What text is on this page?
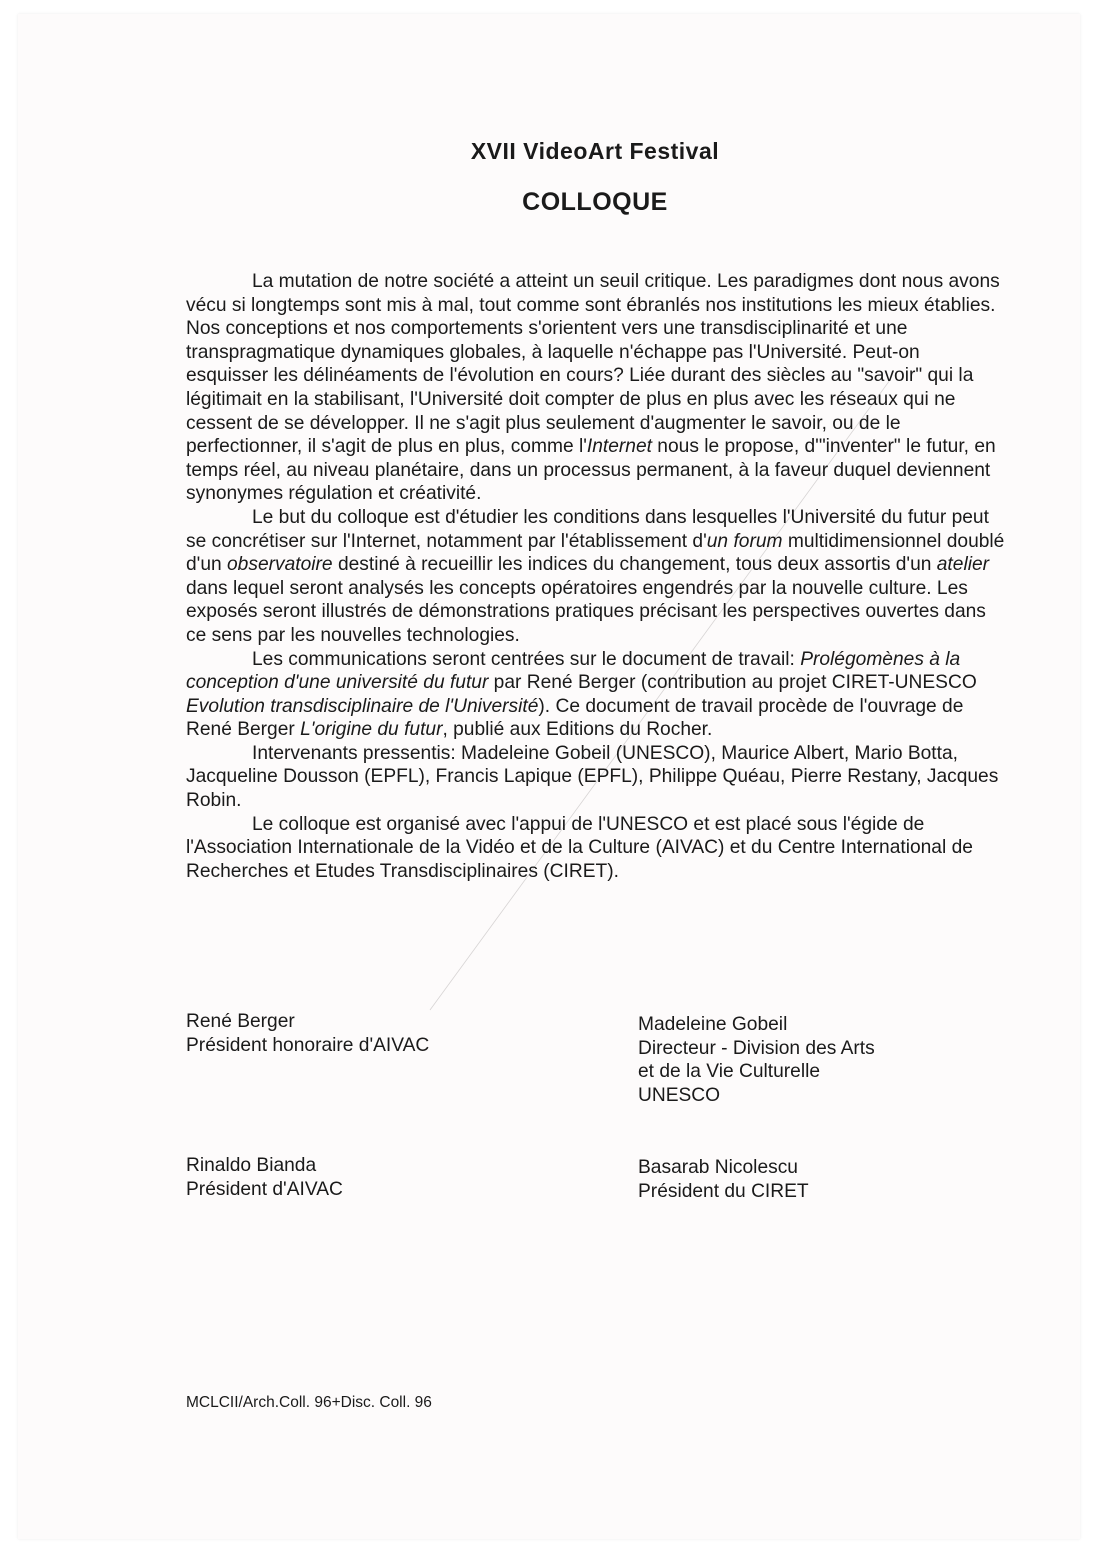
XVII VideoArt Festival
COLLOQUE

La mutation de notre société a atteint un seuil critique. Les paradigmes dont nous avons vécu si longtemps sont mis à mal, tout comme sont ébranlés nos institutions les mieux établies. Nos conceptions et nos comportements s'orientent vers une transdisciplinarité et une transpragmatique dynamiques globales, à laquelle n'échappe pas l'Université. Peut-on esquisser les délinéaments de l'évolution en cours? Liée durant des siècles au "savoir" qui la légitimait en la stabilisant, l'Université doit compter de plus en plus avec les réseaux qui ne cessent de se développer. Il ne s'agit plus seulement d'augmenter le savoir, ou de le perfectionner, il s'agit de plus en plus, comme l'Internet nous le propose, d'"inventer" le futur, en temps réel, au niveau planétaire, dans un processus permanent, à la faveur duquel deviennent synonymes régulation et créativité.

Le but du colloque est d'étudier les conditions dans lesquelles l'Université du futur peut se concrétiser sur l'Internet, notamment par l'établissement d'un forum multidimensionnel doublé d'un observatoire destiné à recueillir les indices du changement, tous deux assortis d'un atelier dans lequel seront analysés les concepts opératoires engendrés par la nouvelle culture. Les exposés seront illustrés de démonstrations pratiques précisant les perspectives ouvertes dans ce sens par les nouvelles technologies.

Les communications seront centrées sur le document de travail: Prolégomènes à la conception d'une université du futur par René Berger (contribution au projet CIRET-UNESCO Evolution transdisciplinaire de l'Université). Ce document de travail procède de l'ouvrage de René Berger L'origine du futur, publié aux Editions du Rocher.

Intervenants pressentis: Madeleine Gobeil (UNESCO), Maurice Albert, Mario Botta, Jacqueline Dousson (EPFL), Francis Lapique (EPFL), Philippe Quéau, Pierre Restany, Jacques Robin.

Le colloque est organisé avec l'appui de l'UNESCO et est placé sous l'égide de l'Association Internationale de la Vidéo et de la Culture (AIVAC) et du Centre International de Recherches et Etudes Transdisciplinaires (CIRET).

René Berger
Président honoraire d'AIVAC
Madeleine Gobeil
Directeur - Division des Arts
et de la Vie Culturelle
UNESCO
Rinaldo Bianda
Président d'AIVAC
Basarab Nicolescu
Président du CIRET
MCLCII/Arch.Coll. 96+Disc. Coll. 96
